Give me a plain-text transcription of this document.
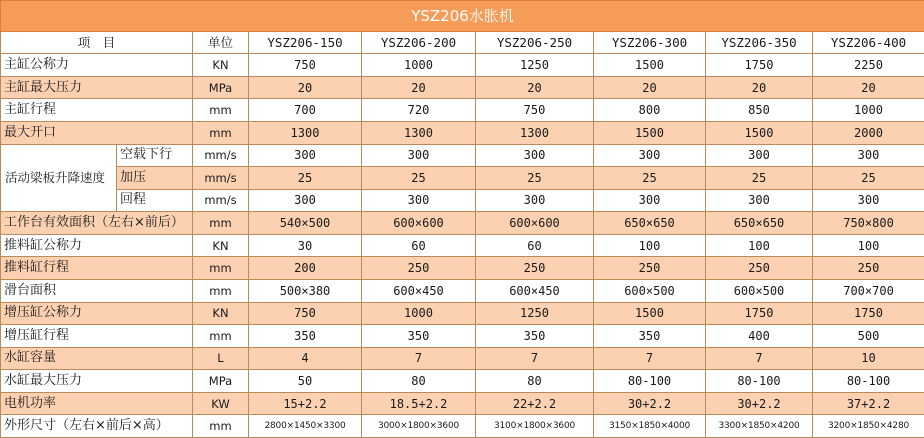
YSZ206水胀机								
项　目		单位	YSZ206-150	YSZ206-200	YSZ206-250	YSZ206-300	YSZ206-350	YSZ206-400
主缸公称力		KN	750	1000	1250	1500	1750	2250
主缸最大压力		MPa	20	20	20	20	20	20
主缸行程		mm	700	720	750	800	850	1000
最大开口		mm	1300	1300	1300	1500	1500	2000
活动梁板升降速度	空载下行	mm/s	300	300	300	300	300	300
	加压	mm/s	25	25	25	25	25	25
	回程	mm/s	300	300	300	300	300	300
工作台有效面积（左右×前后）		mm	540×500	600×600	600×600	650×650	650×650	750×800
推料缸公称力		KN	30	60	60	100	100	100
推料缸行程		mm	200	250	250	250	250	250
滑台面积		mm	500×380	600×450	600×450	600×500	600×500	700×700
增压缸公称力		KN	750	1000	1250	1500	1750	1750
增压缸行程		mm	350	350	350	350	400	500
水缸容量		L	4	7	7	7	7	10
水缸最大压力		MPa	50	80	80	80-100	80-100	80-100
电机功率		KW	15+2.2	18.5+2.2	22+2.2	30+2.2	30+2.2	37+2.2
外形尺寸（左右×前后×高）		mm	2800×1450×3300	3000×1800×3600	3100×1800×3600	3150×1850×4000	3300×1850×4200	3200×1850×4280
